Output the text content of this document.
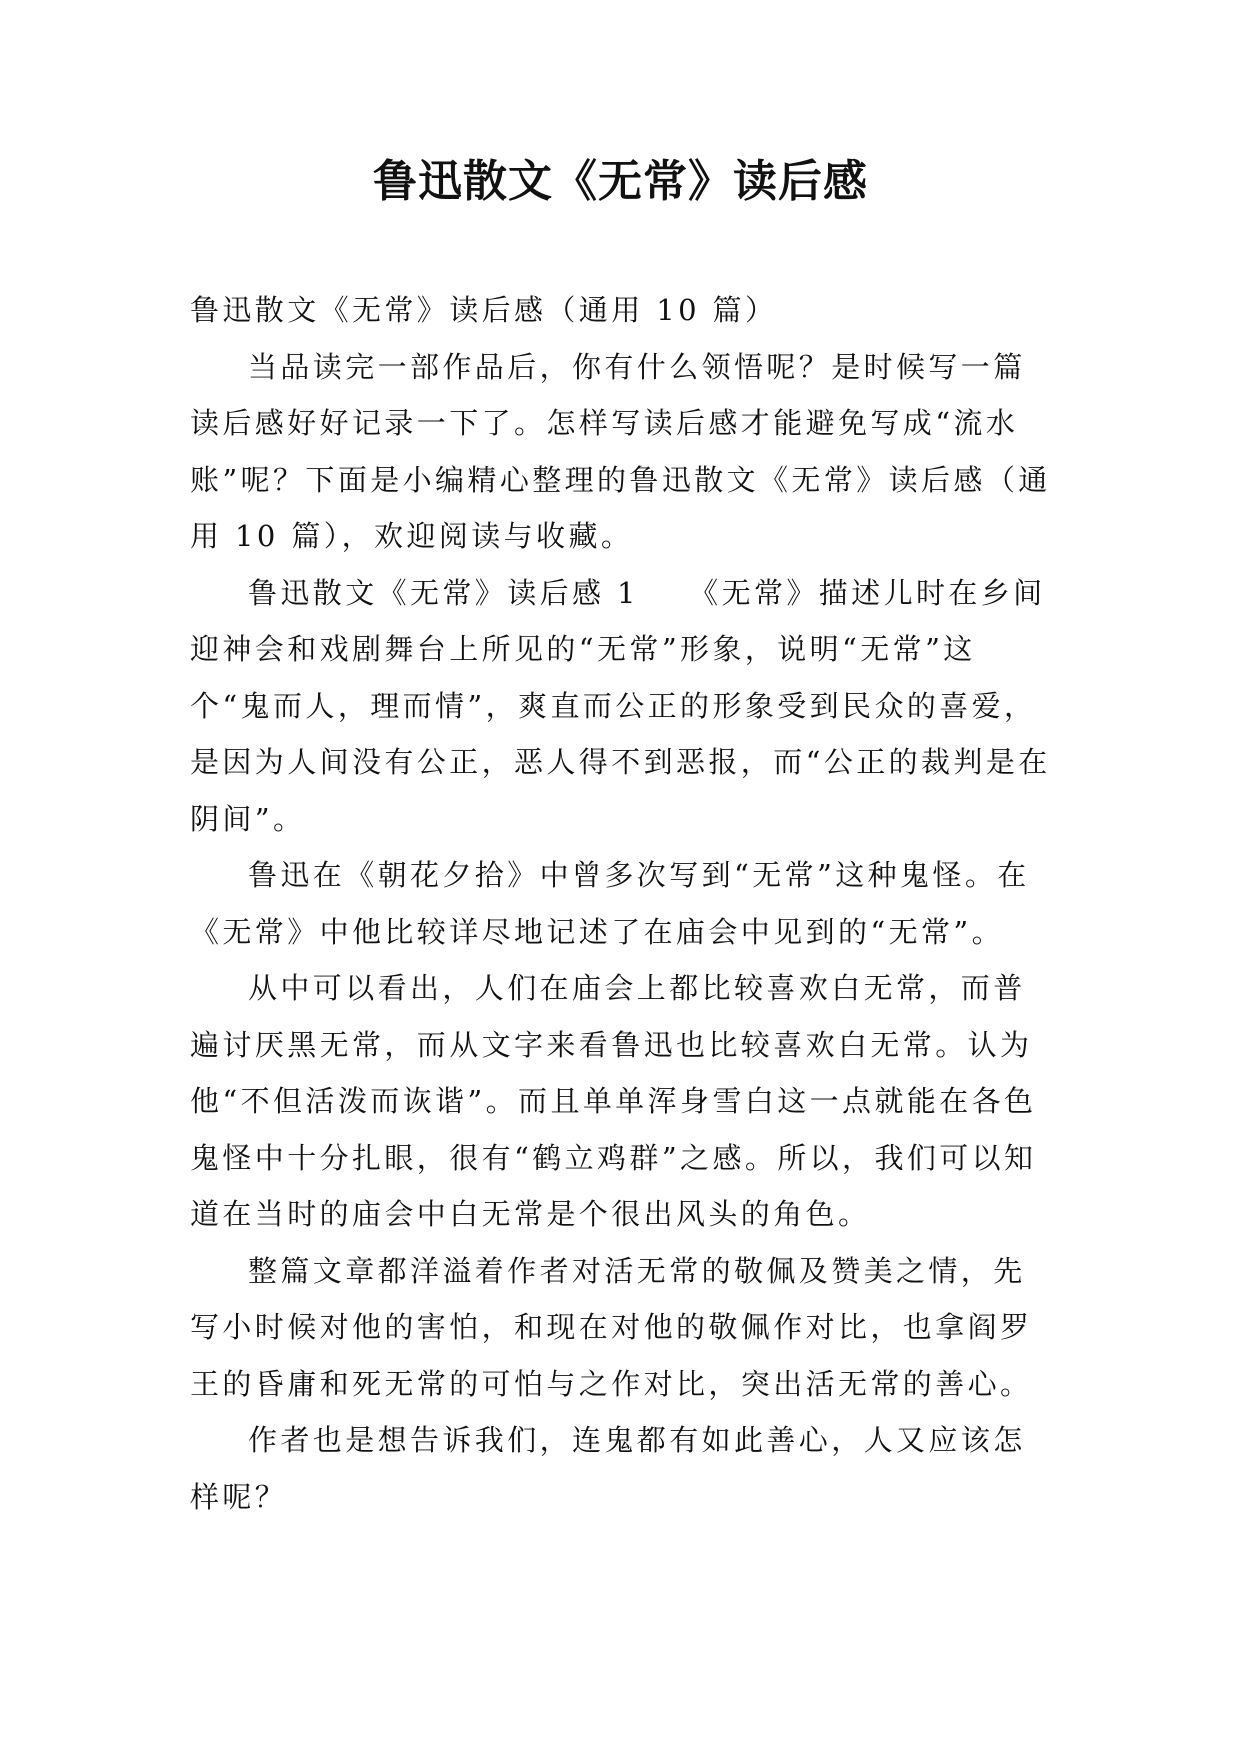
鲁迅散文《无常》读后感

鲁迅散文《无常》读后感（通用 10 篇）

当品读完一部作品后，你有什么领悟呢？是时候写一篇读后感好好记录一下了。怎样写读后感才能避免写成“流水账”呢？下面是小编精心整理的鲁迅散文《无常》读后感（通用 10 篇），欢迎阅读与收藏。

鲁迅散文《无常》读后感 1　　《无常》描述儿时在乡间迎神会和戏剧舞台上所见的“无常”形象，说明“无常”这个“鬼而人，理而情”，爽直而公正的形象受到民众的喜爱，是因为人间没有公正，恶人得不到恶报，而“公正的裁判是在阴间”。

鲁迅在《朝花夕拾》中曾多次写到“无常”这种鬼怪。在《无常》中他比较详尽地记述了在庙会中见到的“无常”。

从中可以看出，人们在庙会上都比较喜欢白无常，而普遍讨厌黑无常，而从文字来看鲁迅也比较喜欢白无常。认为他“不但活泼而诙谐”。而且单单浑身雪白这一点就能在各色鬼怪中十分扎眼，很有“鹤立鸡群”之感。所以，我们可以知道在当时的庙会中白无常是个很出风头的角色。

整篇文章都洋溢着作者对活无常的敬佩及赞美之情，先写小时候对他的害怕，和现在对他的敬佩作对比，也拿阎罗王的昏庸和死无常的可怕与之作对比，突出活无常的善心。

作者也是想告诉我们，连鬼都有如此善心，人又应该怎样呢？
